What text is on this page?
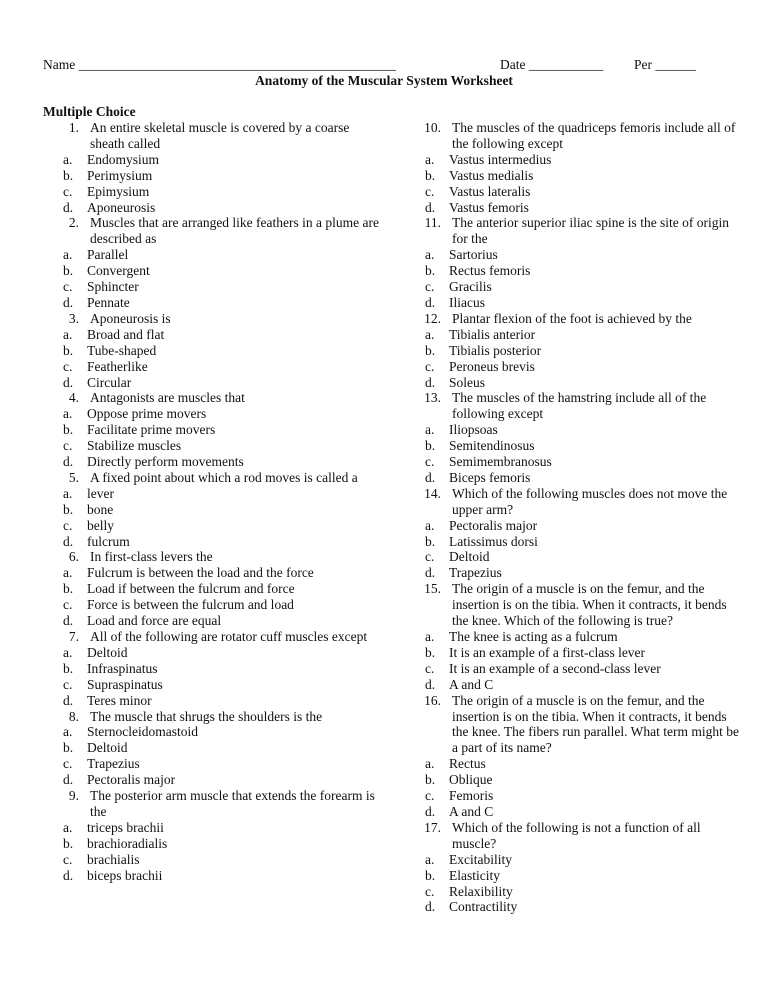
Name _______________________________________________	Date ___________ Per ______
Anatomy of the Muscular System Worksheet
Multiple Choice
1. An entire skeletal muscle is covered by a coarse sheath called
a. Endomysium
b. Perimysium
c. Epimysium
d. Aponeurosis
2. Muscles that are arranged like feathers in a plume are described as
a. Parallel
b. Convergent
c. Sphincter
d. Pennate
3. Aponeurosis is
a. Broad and flat
b. Tube-shaped
c. Featherlike
d. Circular
4. Antagonists are muscles that
a. Oppose prime movers
b. Facilitate prime movers
c. Stabilize muscles
d. Directly perform movements
5. A fixed point about which a rod moves is called a
a. lever
b. bone
c. belly
d. fulcrum
6. In first-class levers the
a. Fulcrum is between the load and the force
b. Load if between the fulcrum and force
c. Force is between the fulcrum and load
d. Load and force are equal
7. All of the following are rotator cuff muscles except
a. Deltoid
b. Infraspinatus
c. Supraspinatus
d. Teres minor
8. The muscle that shrugs the shoulders is the
a. Sternocleidomastoid
b. Deltoid
c. Trapezius
d. Pectoralis major
9. The posterior arm muscle that extends the forearm is the
a. triceps brachii
b. brachioradialis
c. brachialis
d. biceps brachii
10. The muscles of the quadriceps femoris include all of the following except
a. Vastus intermedius
b. Vastus medialis
c. Vastus lateralis
d. Vastus femoris
11. The anterior superior iliac spine is the site of origin for the
a. Sartorius
b. Rectus femoris
c. Gracilis
d. Iliacus
12. Plantar flexion of the foot is achieved by the
a. Tibialis anterior
b. Tibialis posterior
c. Peroneus brevis
d. Soleus
13. The muscles of the hamstring include all of the following except
a. Iliopsoas
b. Semitendinosus
c. Semimembranosus
d. Biceps femoris
14. Which of the following muscles does not move the upper arm?
a. Pectoralis major
b. Latissimus dorsi
c. Deltoid
d. Trapezius
15. The origin of a muscle is on the femur, and the insertion is on the tibia. When it contracts, it bends the knee. Which of the following is true?
a. The knee is acting as a fulcrum
b. It is an example of a first-class lever
c. It is an example of a second-class lever
d. A and C
16. The origin of a muscle is on the femur, and the insertion is on the tibia. When it contracts, it bends the knee. The fibers run parallel. What term might be a part of its name?
a. Rectus
b. Oblique
c. Femoris
d. A and C
17. Which of the following is not a function of all muscle?
a. Excitability
b. Elasticity
c. Relaxibility
d. Contractility
